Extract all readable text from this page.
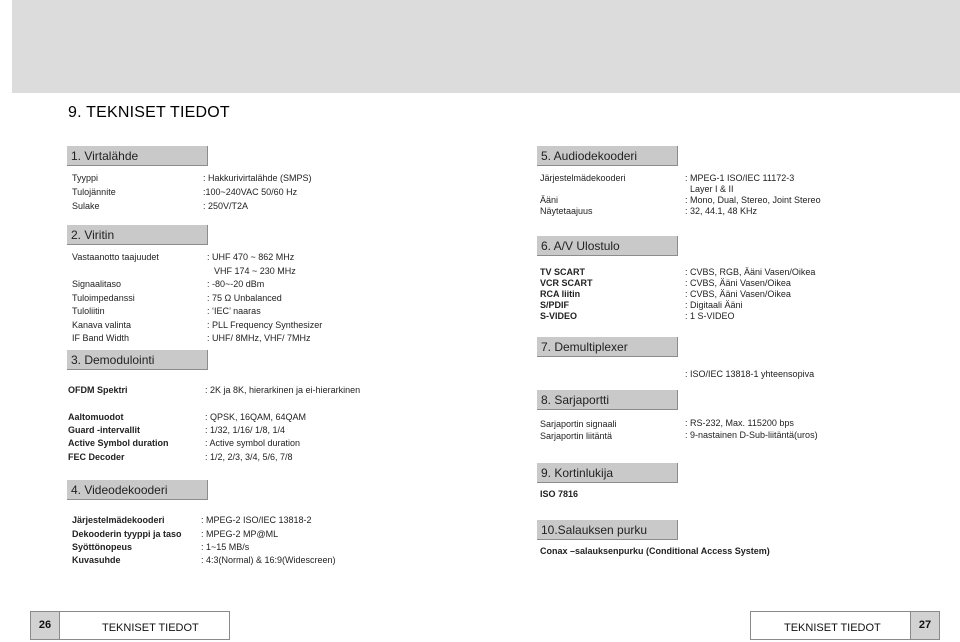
9. TEKNISET TIEDOT
1. Virtalähde
Tyyppi	: Hakkurivirtalähde (SMPS)
Tulojännite	:100~240VAC 50/60 Hz
Sulake	: 250V/T2A
2. Viritin
Vastaanotto taajuudet	: UHF 470 ~ 862 MHz
VHF 174 ~ 230 MHz
Signaalitaso	: -80~-20 dBm
Tuloimpedanssi	: 75 Ω Unbalanced
Tuloliitin	: ‘IEC’ naaras
Kanava valinta	: PLL Frequency Synthesizer
IF Band Width	: UHF/ 8MHz, VHF/ 7MHz
3. Demodulointi
OFDM Spektri	: 2K ja 8K, hierarkinen ja ei-hierarkinen
Aaltomuodot	: QPSK, 16QAM, 64QAM
Guard -intervallit	: 1/32, 1/16/ 1/8, 1/4
Active Symbol duration	: Active symbol duration
FEC Decoder	: 1/2, 2/3, 3/4, 5/6, 7/8
4. Videodekooderi
Järjestelmädekooderi	: MPEG-2 ISO/IEC 13818-2
Dekooderin tyyppi ja taso : MPEG-2 MP@ML
Syöttönopeus	: 1~15 MB/s
Kuvasuhde	: 4:3(Normal) & 16:9(Widescreen)
5. Audiodekooderi
Järjestelmädekooderi	: MPEG-1 ISO/IEC 11172-3
Layer I & II
Ääni	: Mono, Dual, Stereo, Joint Stereo
Näytetaajuus	: 32, 44.1, 48 KHz
6. A/V Ulostulo
TV SCART	: CVBS, RGB, Ääni Vasen/Oikea
VCR SCART	: CVBS, Ääni Vasen/Oikea
RCA liitin	: CVBS, Ääni Vasen/Oikea
S/PDIF	: Digitaali Ääni
S-VIDEO	: 1 S-VIDEO
7. Demultiplexer
: ISO/IEC 13818-1 yhteensopiva
8. Sarjaportti
Sarjaportin signaali	: RS-232, Max. 115200 bps
Sarjaportin liitäntä	: 9-nastainen D-Sub-liitäntä(uros)
9. Kortinlukija
ISO 7816
10.Salauksen purku
Conax –salauksenpurku (Conditional Access System)
26	TEKNISET TIEDOT	27
TEKNISET TIEDOT
